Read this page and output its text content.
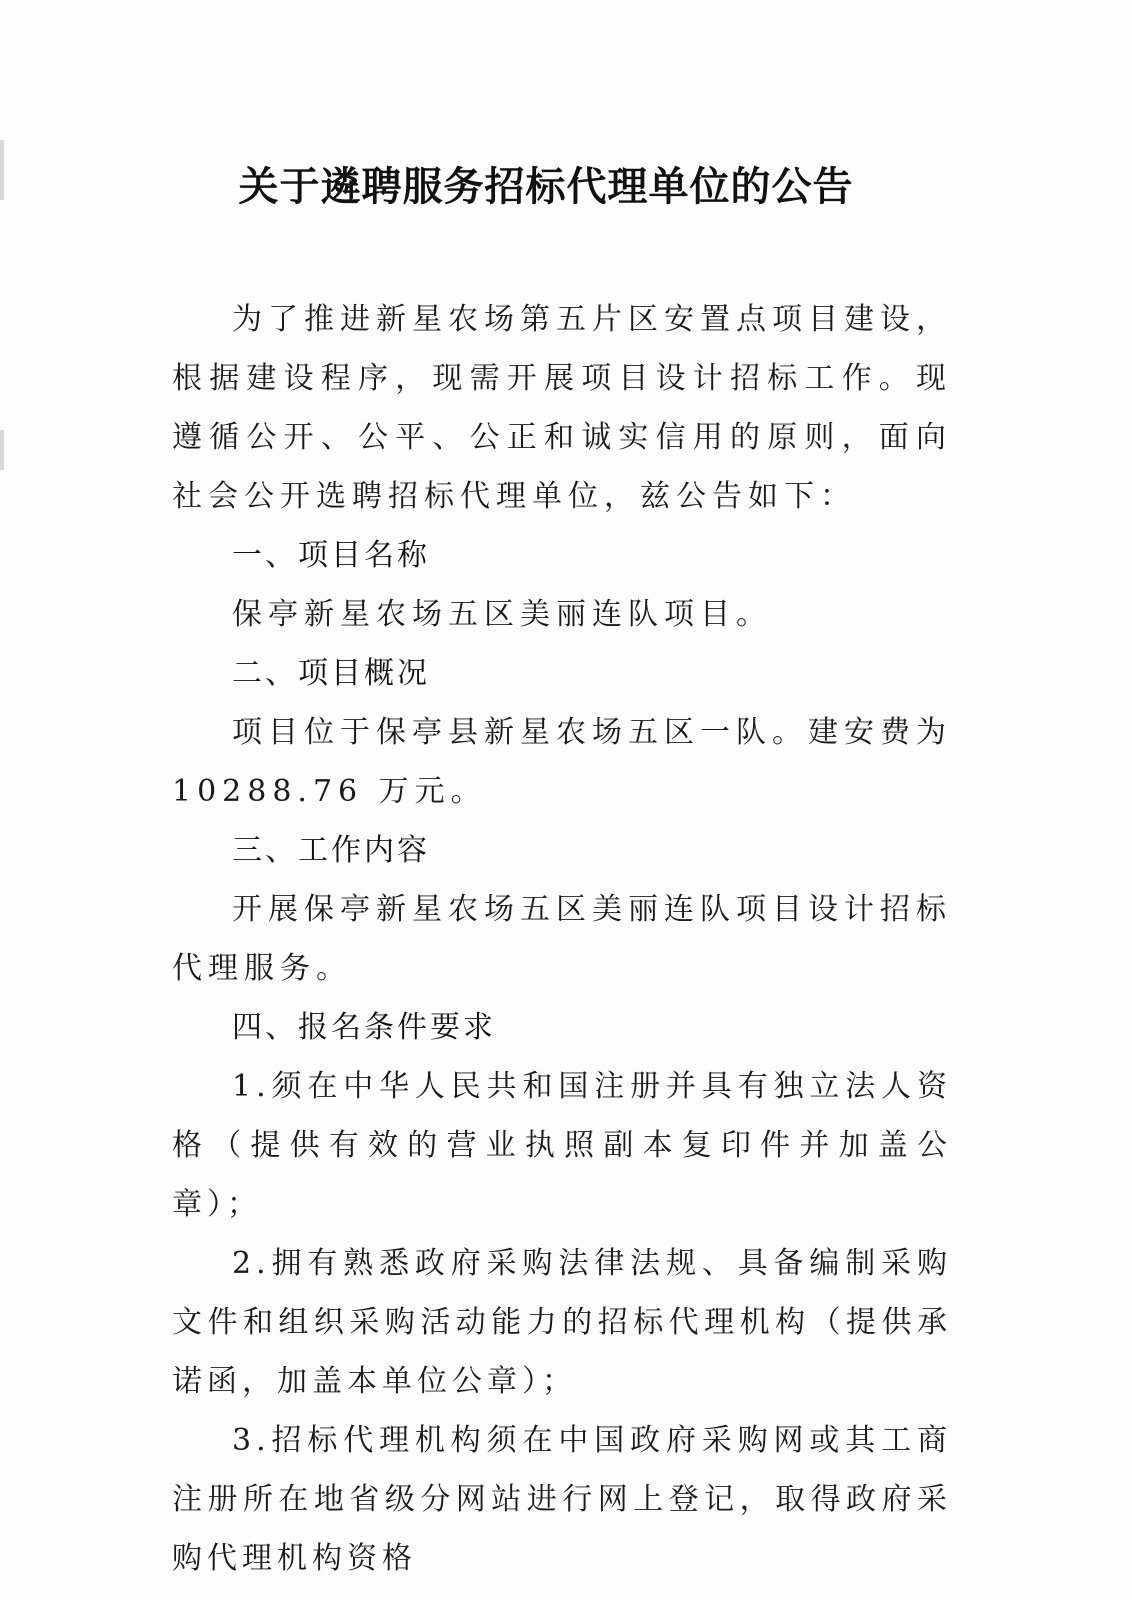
关于遴聘服务招标代理单位的公告

为了推进新星农场第五片区安置点项目建设，根据建设程序，现需开展项目设计招标工作。现遵循公开、公平、公正和诚实信用的原则，面向社会公开选聘招标代理单位，兹公告如下：

一、项目名称

保亭新星农场五区美丽连队项目。

二、项目概况

项目位于保亭县新星农场五区一队。建安费为 10288.76 万元。

三、工作内容

开展保亭新星农场五区美丽连队项目设计招标代理服务。

四、报名条件要求

1.须在中华人民共和国注册并具有独立法人资格（提供有效的营业执照副本复印件并加盖公章）；

2.拥有熟悉政府采购法律法规、具备编制采购文件和组织采购活动能力的招标代理机构（提供承诺函，加盖本单位公章）；

3.招标代理机构须在中国政府采购网或其工商注册所在地省级分网站进行网上登记，取得政府采购代理机构资格
